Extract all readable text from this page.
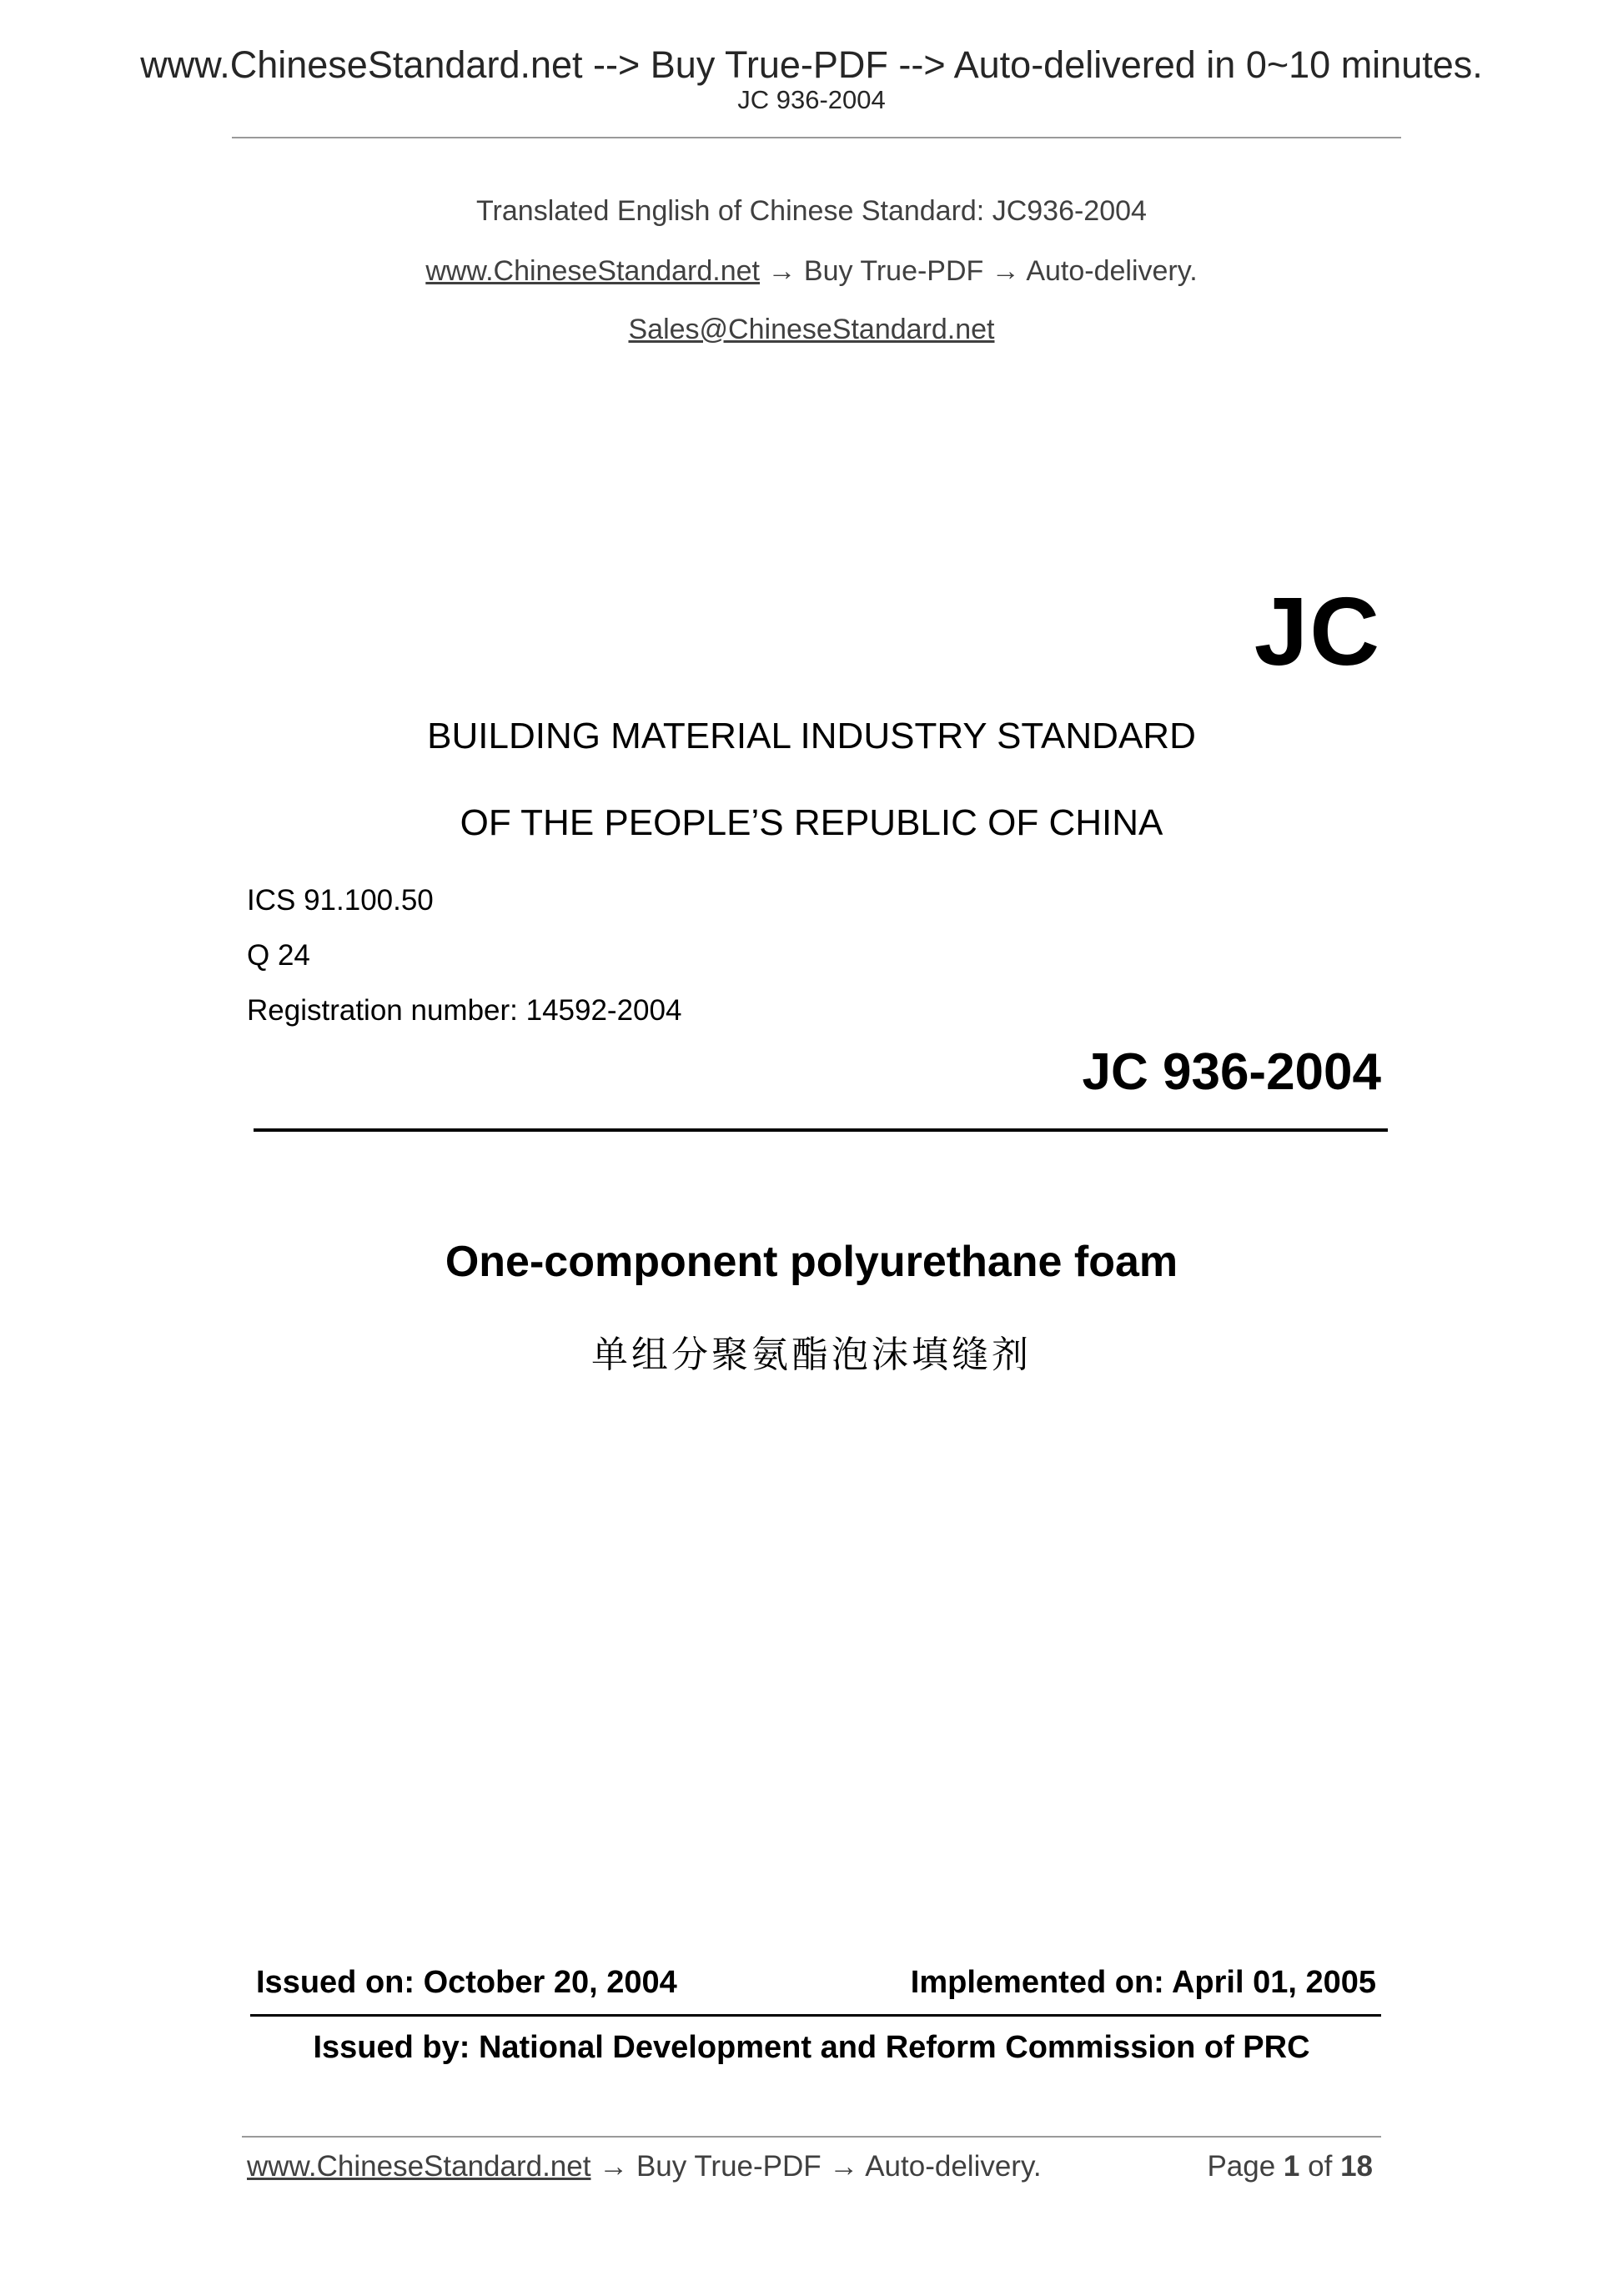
www.ChineseStandard.net --> Buy True-PDF --> Auto-delivered in 0~10 minutes.
JC 936-2004
Translated English of Chinese Standard: JC936-2004
www.ChineseStandard.net → Buy True-PDF → Auto-delivery.
Sales@ChineseStandard.net
JC
BUILDING MATERIAL INDUSTRY STANDARD
OF THE PEOPLE’S REPUBLIC OF CHINA
ICS 91.100.50
Q 24
Registration number: 14592-2004
JC 936-2004
One-component polyurethane foam
单组分聚氨酯泡沫填缝剂
Issued on: October 20, 2004	Implemented on: April 01, 2005
Issued by: National Development and Reform Commission of PRC
www.ChineseStandard.net → Buy True-PDF → Auto-delivery.	Page 1 of 18
